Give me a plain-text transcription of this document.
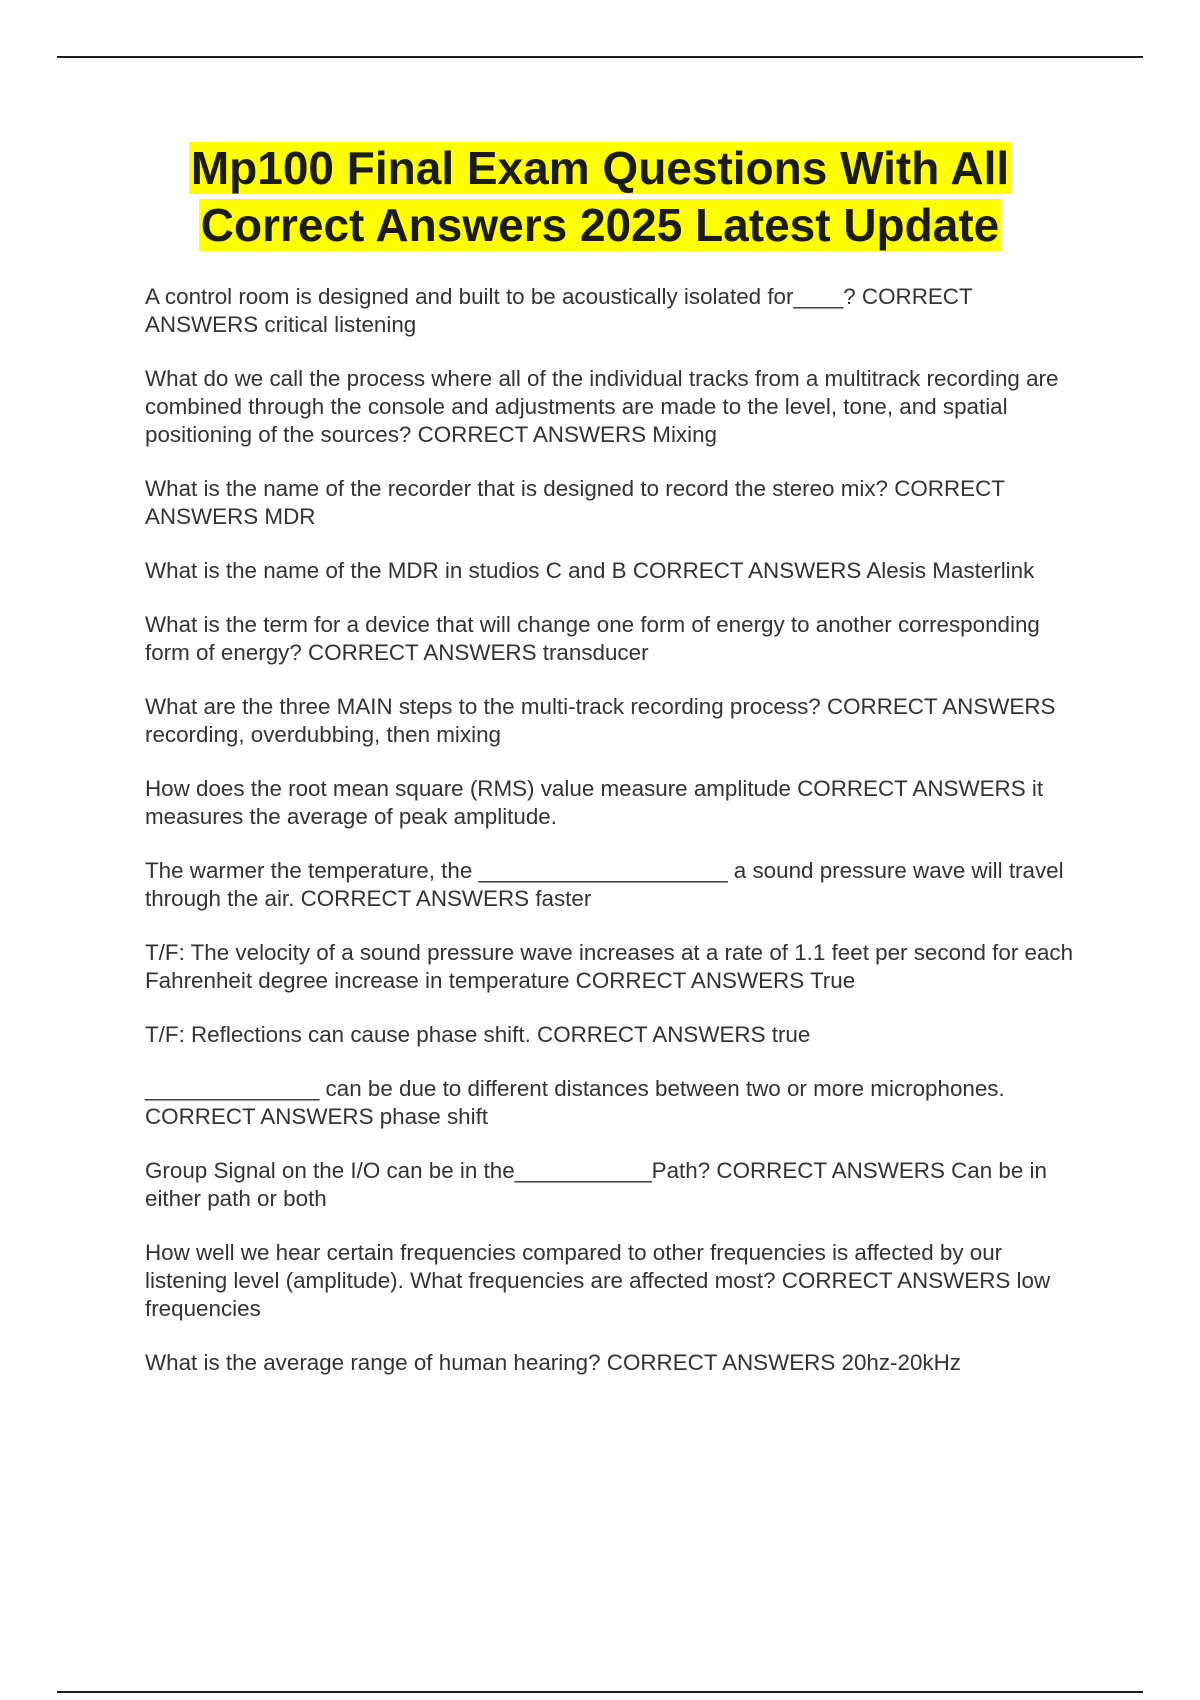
Mp100 Final Exam Questions With All
Correct Answers 2025 Latest Update
A control room is designed and built to be acoustically isolated for____? CORRECT ANSWERS critical listening
What do we call the process where all of the individual tracks from a multitrack recording are combined through the console and adjustments are made to the level, tone, and spatial positioning of the sources? CORRECT ANSWERS Mixing
What is the name of the recorder that is designed to record the stereo mix? CORRECT ANSWERS MDR
What is the name of the MDR in studios C and B CORRECT ANSWERS Alesis Masterlink
What is the term for a device that will change one form of energy to another corresponding form of energy? CORRECT ANSWERS transducer
What are the three MAIN steps to the multi-track recording process? CORRECT ANSWERS recording, overdubbing, then mixing
How does the root mean square (RMS) value measure amplitude CORRECT ANSWERS it measures the average of peak amplitude.
The warmer the temperature, the ____________________ a sound pressure wave will travel through the air. CORRECT ANSWERS faster
T/F: The velocity of a sound pressure wave increases at a rate of 1.1 feet per second for each Fahrenheit degree increase in temperature CORRECT ANSWERS True
T/F: Reflections can cause phase shift. CORRECT ANSWERS true
______________ can be due to different distances between two or more microphones. CORRECT ANSWERS phase shift
Group Signal on the I/O can be in the___________Path? CORRECT ANSWERS Can be in either path or both
How well we hear certain frequencies compared to other frequencies is affected by our listening level (amplitude). What frequencies are affected most? CORRECT ANSWERS low frequencies
What is the average range of human hearing? CORRECT ANSWERS 20hz-20kHz
